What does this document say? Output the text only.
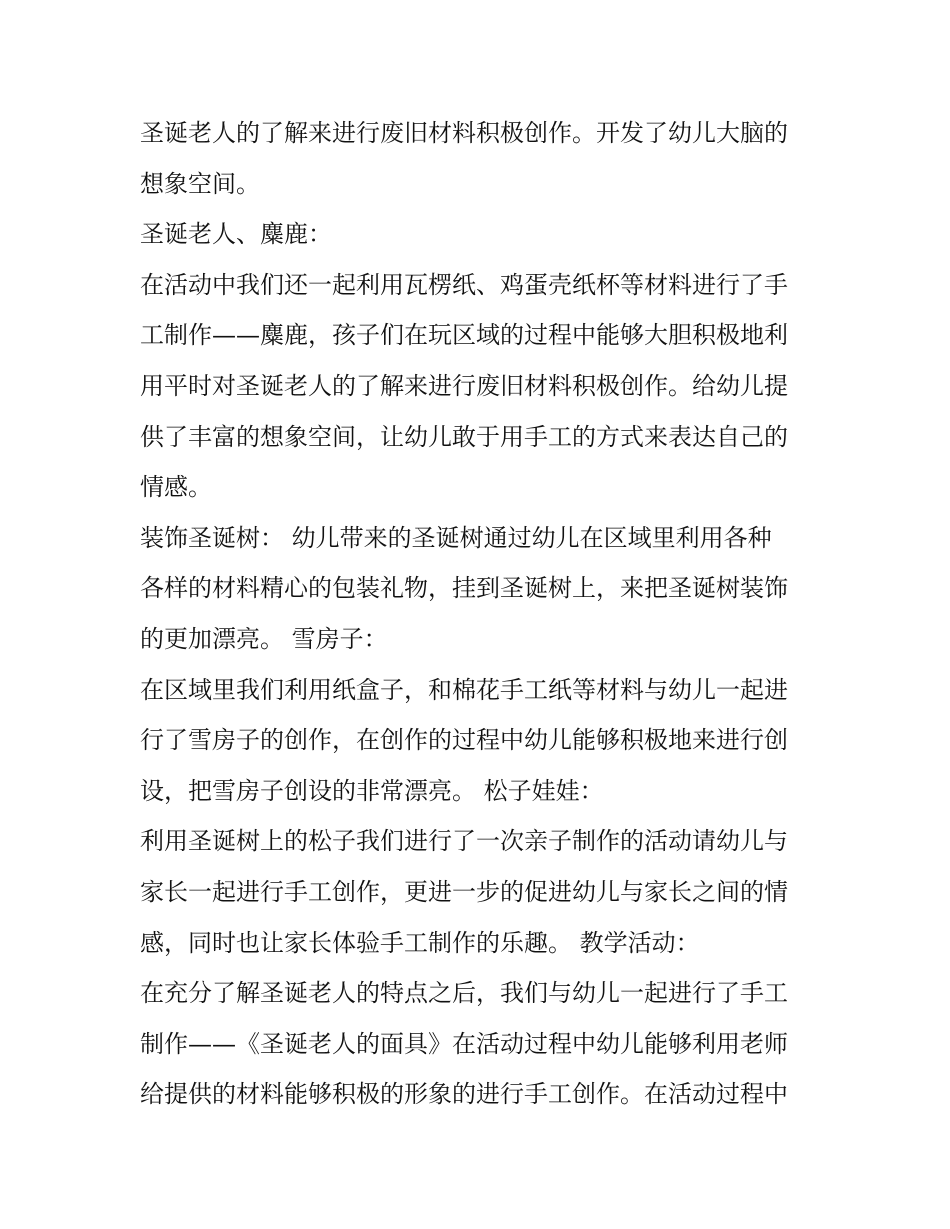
圣诞老人的了解来进行废旧材料积极创作。开发了幼儿大脑的
想象空间。
圣诞老人、麋鹿：
在活动中我们还一起利用瓦楞纸、鸡蛋壳纸杯等材料进行了手
工制作——麋鹿，孩子们在玩区域的过程中能够大胆积极地利
用平时对圣诞老人的了解来进行废旧材料积极创作。给幼儿提
供了丰富的想象空间，让幼儿敢于用手工的方式来表达自己的
情感。
装饰圣诞树： 幼儿带来的圣诞树通过幼儿在区域里利用各种
各样的材料精心的包装礼物，挂到圣诞树上，来把圣诞树装饰
的更加漂亮。 雪房子：
在区域里我们利用纸盒子，和棉花手工纸等材料与幼儿一起进
行了雪房子的创作，在创作的过程中幼儿能够积极地来进行创
设，把雪房子创设的非常漂亮。 松子娃娃：
利用圣诞树上的松子我们进行了一次亲子制作的活动请幼儿与
家长一起进行手工创作，更进一步的促进幼儿与家长之间的情
感，同时也让家长体验手工制作的乐趣。 教学活动：
在充分了解圣诞老人的特点之后，我们与幼儿一起进行了手工
制作——《圣诞老人的面具》在活动过程中幼儿能够利用老师
给提供的材料能够积极的形象的进行手工创作。在活动过程中
